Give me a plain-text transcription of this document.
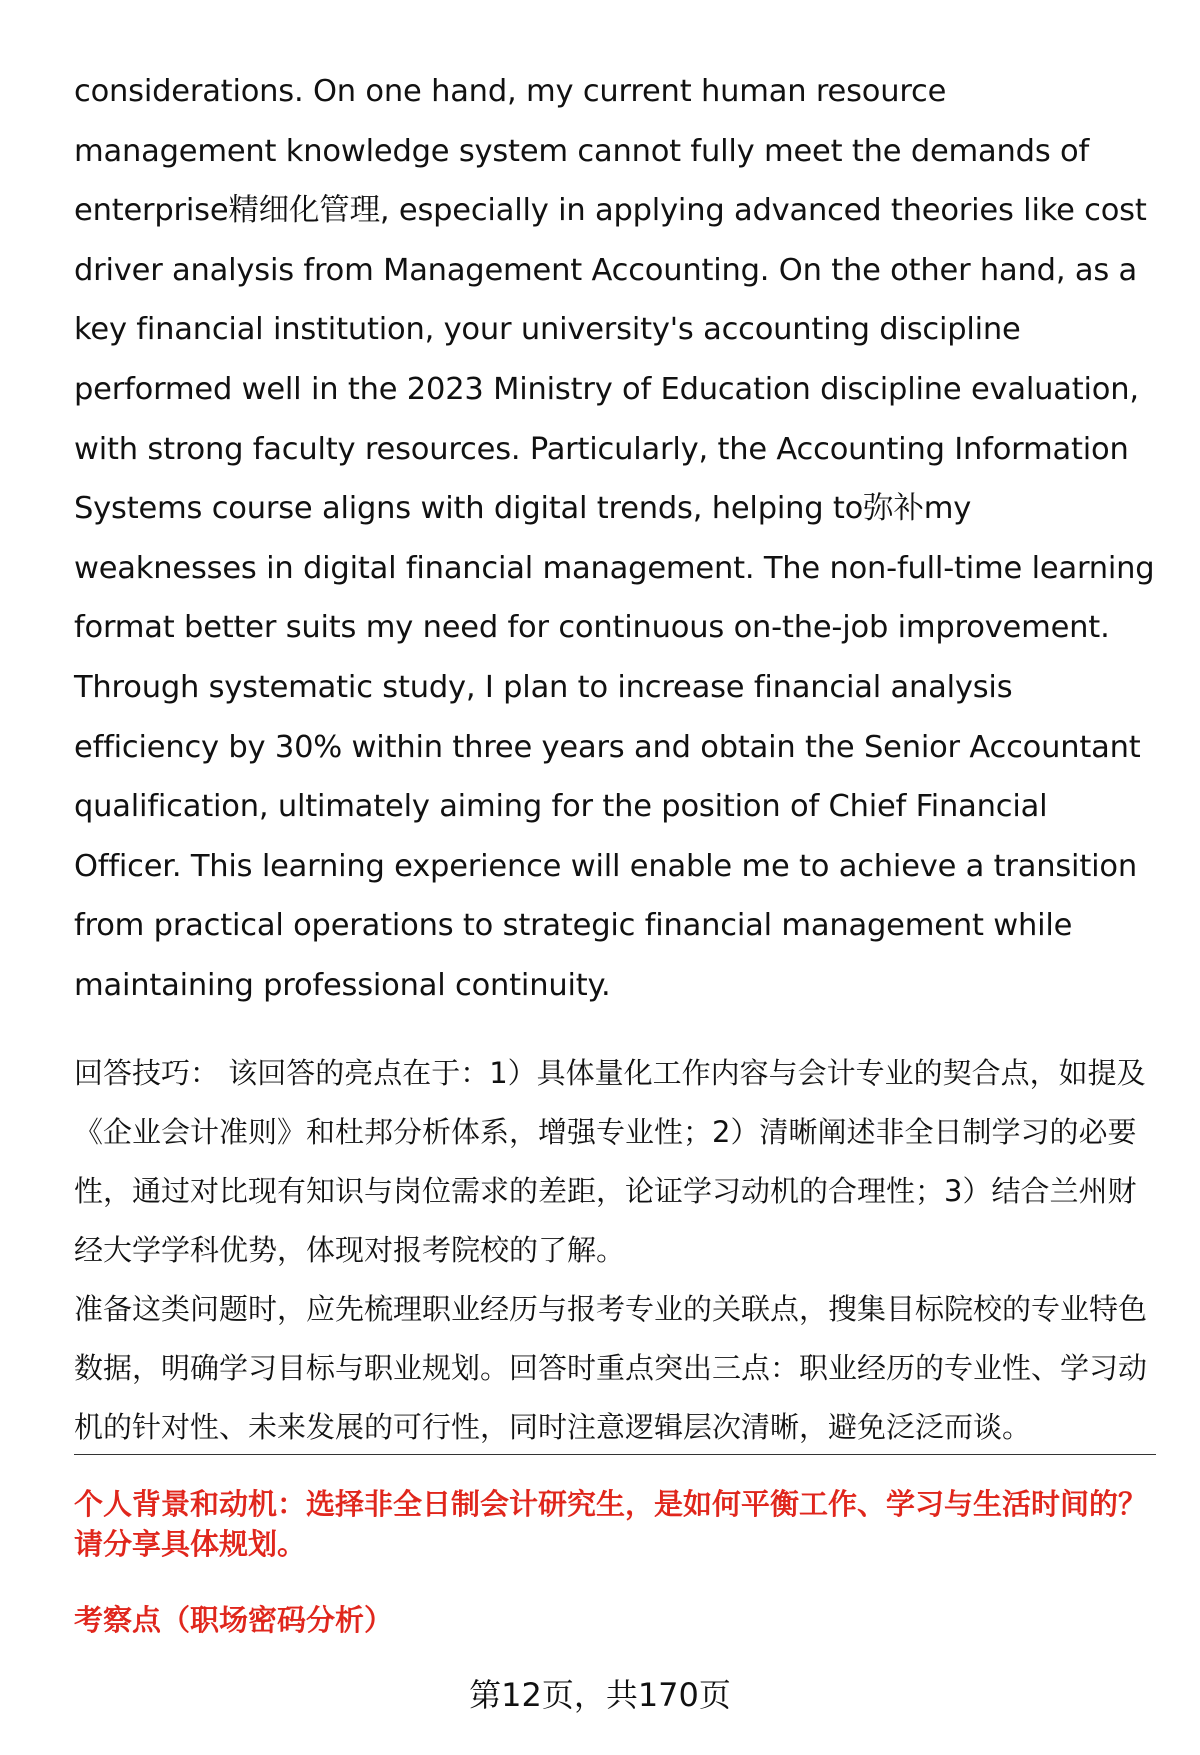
considerations. On one hand, my current human resource management knowledge system cannot fully meet the demands of enterprise精细化管理, especially in applying advanced theories like cost driver analysis from Management Accounting. On the other hand, as a key financial institution, your university's accounting discipline performed well in the 2023 Ministry of Education discipline evaluation, with strong faculty resources. Particularly, the Accounting Information Systems course aligns with digital trends, helping to弥补my weaknesses in digital financial management. The non-full-time learning format better suits my need for continuous on-the-job improvement. Through systematic study, I plan to increase financial analysis efficiency by 30% within three years and obtain the Senior Accountant qualification, ultimately aiming for the position of Chief Financial Officer. This learning experience will enable me to achieve a transition from practical operations to strategic financial management while maintaining professional continuity.

回答技巧： 该回答的亮点在于：1）具体量化工作内容与会计专业的契合点，如提及《企业会计准则》和杜邦分析体系，增强专业性；2）清晰阐述非全日制学习的必要性，通过对比现有知识与岗位需求的差距，论证学习动机的合理性；3）结合兰州财经大学学科优势，体现对报考院校的了解。

准备这类问题时，应先梳理职业经历与报考专业的关联点，搜集目标院校的专业特色数据，明确学习目标与职业规划。回答时重点突出三点：职业经历的专业性、学习动机的针对性、未来发展的可行性，同时注意逻辑层次清晰，避免泛泛而谈。

个人背景和动机：选择非全日制会计研究生，是如何平衡工作、学习与生活时间的？请分享具体规划。

考察点（职场密码分析）

第12页，共170页
